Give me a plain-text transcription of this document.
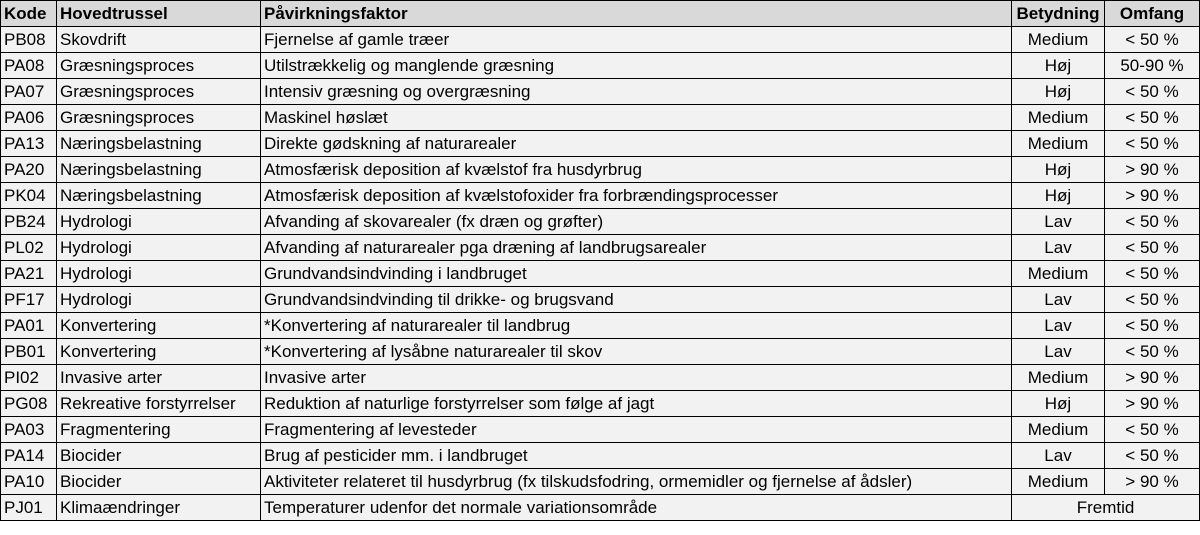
Kode	Hovedtrussel	Påvirkningsfaktor	Betydning	Omfang
PB08	Skovdrift	Fjernelse af gamle træer	Medium	< 50 %
PA08	Græsningsproces	Utilstrækkelig og manglende græsning	Høj	50-90 %
PA07	Græsningsproces	Intensiv græsning og overgræsning	Høj	< 50 %
PA06	Græsningsproces	Maskinel høslæt	Medium	< 50 %
PA13	Næringsbelastning	Direkte gødskning af naturarealer	Medium	< 50 %
PA20	Næringsbelastning	Atmosfærisk deposition af kvælstof fra husdyrbrug	Høj	> 90 %
PK04	Næringsbelastning	Atmosfærisk deposition af kvælstofoxider fra forbrændingsprocesser	Høj	> 90 %
PB24	Hydrologi	Afvanding af skovarealer (fx dræn og grøfter)	Lav	< 50 %
PL02	Hydrologi	Afvanding af naturarealer pga dræning af landbrugsarealer	Lav	< 50 %
PA21	Hydrologi	Grundvandsindvinding i landbruget	Medium	< 50 %
PF17	Hydrologi	Grundvandsindvinding til drikke- og brugsvand	Lav	< 50 %
PA01	Konvertering	*Konvertering af naturarealer til landbrug	Lav	< 50 %
PB01	Konvertering	*Konvertering af lysåbne naturarealer til skov	Lav	< 50 %
PI02	Invasive arter	Invasive arter	Medium	> 90 %
PG08	Rekreative forstyrrelser	Reduktion af naturlige forstyrrelser som følge af jagt	Høj	> 90 %
PA03	Fragmentering	Fragmentering af levesteder	Medium	< 50 %
PA14	Biocider	Brug af pesticider mm. i landbruget	Lav	< 50 %
PA10	Biocider	Aktiviteter relateret til husdyrbrug (fx tilskudsfodring, ormemidler og fjernelse af ådsler)	Medium	> 90 %
PJ01	Klimaændringer	Temperaturer udenfor det normale variationsområde	Fremtid	
